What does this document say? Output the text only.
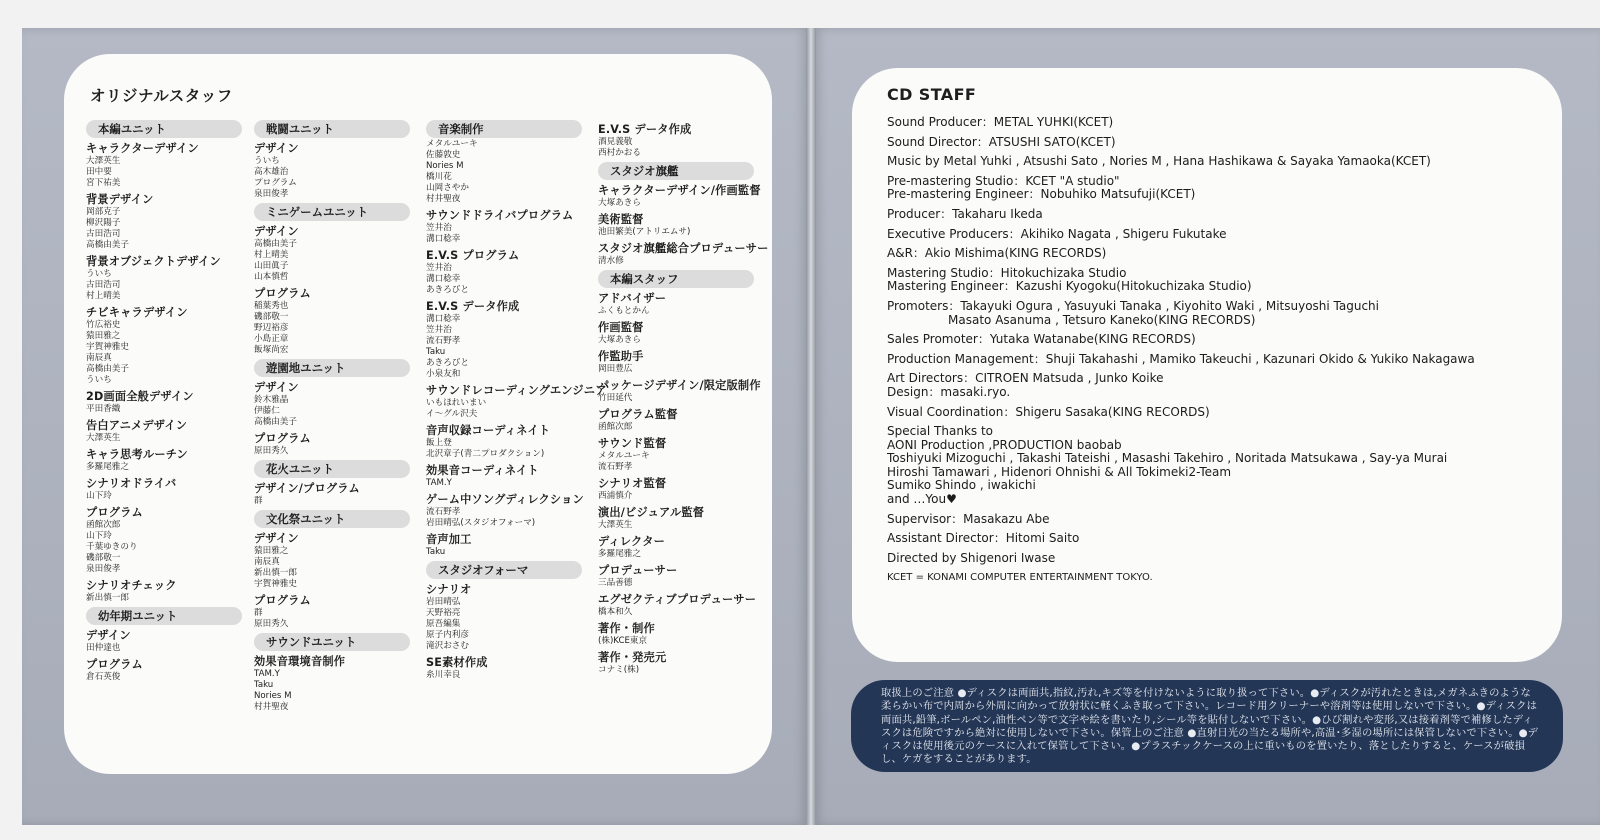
オリジナルスタッフ
本編ユニット
キャラクターデザイン
大澤英生
田中要
宮下祐美
背景デザイン
岡部克子
柳沢陽子
古田浩司
高橋由美子
背景オブジェクトデザイン
ういち
古田浩司
村上晴美
チビキャラデザイン
竹広裕史
猿田雅之
宇賀神雅史
南辰真
高橋由美子
ういち
2D画面全般デザイン
平田香織
告白アニメデザイン
大澤英生
キャラ思考ルーチン
多羅尾雅之
シナリオドライバ
山下玲
プログラム
函館次郎
山下玲
千葉ゆきのり
磯部敬一
泉田俊孝
シナリオチェック
新出慎一郎
幼年期ユニット
デザイン
田仲達也
プログラム
倉石英俊
戦闘ユニット
デザイン
ういち
高木雄治
プログラム
泉田俊孝
ミニゲームユニット
デザイン
高橋由美子
村上晴美
山田眞子
山本慎哲
プログラム
稲葉秀也
磯部敬一
野辺裕彦
小島正章
飯塚尚宏
遊園地ユニット
デザイン
鈴木雅晶
伊藤仁
高橋由美子
プログラム
原田秀久
花火ユニット
デザイン/プログラム
群
文化祭ユニット
デザイン
猿田雅之
南辰真
新出慎一郎
宇賀神雅史
プログラム
群
原田秀久
サウンドユニット
効果音環境音制作
TAM.Y
Taku
Nories M
村井聖夜
音楽制作
メタルユーキ
佐藤敦史
Nories M
橋川花
山岡さやか
村井聖夜
サウンドドライバプログラム
笠井治
溝口稔幸
E.V.S プログラム
笠井治
溝口稔幸
あきろびと
E.V.S データ作成
溝口稔幸
笠井治
流石野孝
Taku
あきろびと
小泉友和
サウンドレコーディングエンジニア
いもほれいまい
イ～グル沢夫
音声収録コーディネイト
飯上登
北沢章子(青二プロダクション)
効果音コーディネイト
TAM.Y
ゲーム中ソングディレクション
流石野孝
岩田晴弘(スタジオフォーマ)
音声加工
Taku
スタジオフォーマ
シナリオ
岩田晴弘
天野裕亮
原吾編集
原子内利彦
滝沢おさむ
SE素材作成
糸川幸良
E.V.S データ作成
酒見義敬
西村かおる
スタジオ旗艦
キャラクターデザイン/作画監督
大塚あきら
美術監督
池田繁美(アトリエムサ)
スタジオ旗艦総合プロデューサー
清水修
本編スタッフ
アドバイザー
ふくもとかん
作画監督
大塚あきら
作監助手
岡田豊広
パッケージデザイン/限定版制作
竹田延代
プログラム監督
函館次郎
サウンド監督
メタルユーキ
流石野孝
シナリオ監督
西浦慎介
演出/ビジュアル監督
大澤英生
ディレクター
多羅尾雅之
プロデューサー
三品善德
エグゼクティブプロデューサー
橋本和久
著作・制作
(株)KCE東京
著作・発売元
コナミ(株)
CD STAFF
Sound Producer：METAL YUHKI(KCET)
Sound Director：ATSUSHI SATO(KCET)
Music by Metal Yuhki , Atsushi Sato , Nories M , Hana Hashikawa & Sayaka Yamaoka(KCET)
Pre-mastering Studio：KCET "A studio"
Pre-mastering Engineer：Nobuhiko Matsufuji(KCET)
Producer：Takaharu Ikeda
Executive Producers：Akihiko Nagata , Shigeru Fukutake
A&R：Akio Mishima(KING RECORDS)
Mastering Studio：Hitokuchizaka Studio
Mastering Engineer：Kazushi Kyogoku(Hitokuchizaka Studio)
Promoters：Takayuki Ogura , Yasuyuki Tanaka , Kiyohito Waki , Mitsuyoshi Taguchi
Masato Asanuma , Tetsuro Kaneko(KING RECORDS)
Sales Promoter：Yutaka Watanabe(KING RECORDS)
Production Management：Shuji Takahashi , Mamiko Takeuchi , Kazunari Okido & Yukiko Nakagawa
Art Directors：CITROEN Matsuda , Junko Koike
Design：masaki.ryo.
Visual Coordination：Shigeru Sasaka(KING RECORDS)
Special Thanks to
AONI Production ,PRODUCTION baobab
Toshiyuki Mizoguchi , Takashi Tateishi , Masashi Takehiro , Noritada Matsukawa , Say-ya Murai
Hiroshi Tamawari , Hidenori Ohnishi & All Tokimeki2-Team
Sumiko Shindo , iwakichi
and …You♥
Supervisor：Masakazu Abe
Assistant Director：Hitomi Saito
Directed by Shigenori Iwase
KCET = KONAMI COMPUTER ENTERTAINMENT TOKYO.
取扱上のご注意 ●ディスクは両面共,指紋,汚れ,キズ等を付けないように取り扱って下さい。●ディスクが汚れたときは,メガネふきのような柔らかい布で内周から外周に向かって放射状に軽くふき取って下さい。レコード用クリーナーや溶剤等は使用しないで下さい。●ディスクは両面共,鉛筆,ボールペン,油性ペン等で文字や絵を書いたり,シール等を貼付しないで下さい。●ひび割れや変形,又は接着剤等で補修したディスクは危険ですから絶対に使用しないで下さい。保管上のご注意 ●直射日光の当たる場所や,高温･多湿の場所には保管しないで下さい。●ディスクは使用後元のケースに入れて保管して下さい。●プラスチックケースの上に重いものを置いたり、落としたりすると、ケースが破損し、ケガをすることがあります。
